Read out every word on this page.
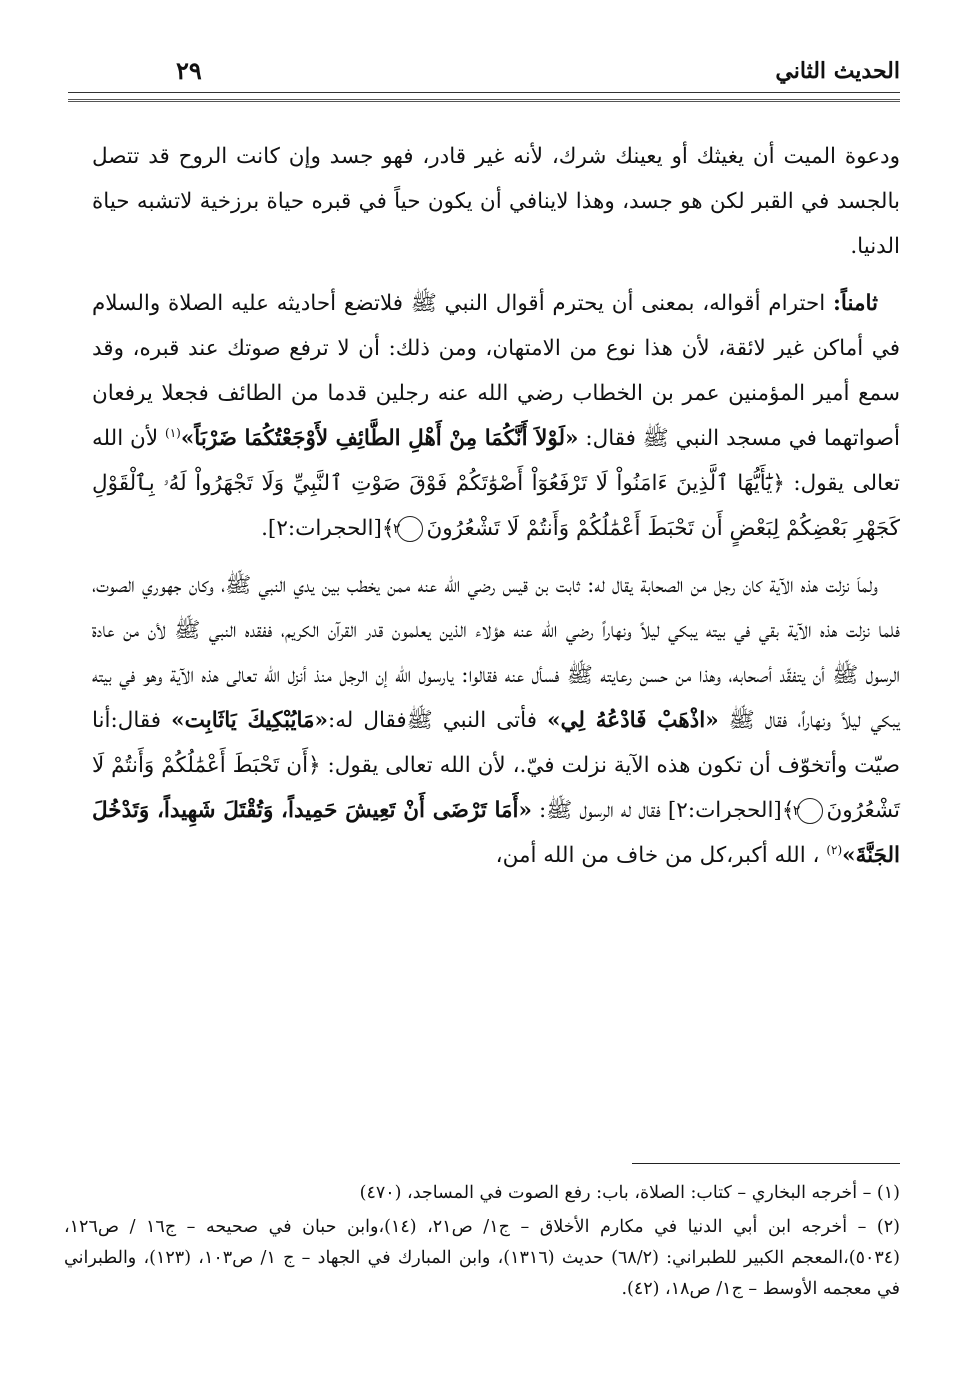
الحديث الثاني
٢٩

ودعوة الميت أن يغيثك أو يعينك شرك، لأنه غير قادر، فهو جسد وإن كانت الروح قد تتصل بالجسد في القبر لكن هو جسد، وهذا لاينافي أن يكون حياً في قبره حياة برزخية لاتشبه حياة الدنيا.

ثامناً: احترام أقواله، بمعنى أن يحترم أقوال النبي ﷺ فلاتضع أحاديثه عليه الصلاة والسلام في أماكن غير لائقة، لأن هذا نوع من الامتهان، ومن ذلك: أن لا ترفع صوتك عند قبره، وقد سمع أمير المؤمنين عمر بن الخطاب رضي الله عنه رجلين قدما من الطائف فجعلا يرفعان أصواتهما في مسجد النبي ﷺ فقال: «لَوْلاَ أَنَّكُمَا مِنْ أَهْلِ الطَّائِفِ لأَوْجَعْتُكُمَا ضَرْبَاً»$^{(١)}$ لأن الله تعالى يقول: ﴿يَٰٓأَيُّهَا ٱلَّذِينَ ءَامَنُواْ لَا تَرْفَعُوٓاْ أَصْوَٰتَكُمْ فَوْقَ صَوْتِ ٱلنَّبِيِّ وَلَا تَجْهَرُواْ لَهُۥ بِٱلْقَوْلِ كَجَهْرِ بَعْضِكُمْ لِبَعْضٍ أَن تَحْبَطَ أَعْمَٰلُكُمْ وَأَنتُمْ لَا تَشْعُرُونَ٢﴾[الحجرات:٢].

ولماَ نزلت هذه الآية كان رجل من الصحابة يقال له: ثابت بن قيس رضي الله عنه ممن يخطب بين يدي النبي ﷺ، وكان جهوري الصوت، فلما نزلت هذه الآية بقي في بيته يبكي ليلاً ونهاراً رضي الله عنه هؤلاء الذين يعلمون قدر القرآن الكريم، ففقده النبي ﷺ لأن من عادة الرسول ﷺ أن يتفقّد أصحابه، وهذا من حسن رعايته ﷺ فسأل عنه فقالوا: يارسول الله إن الرجل منذ أنزل الله تعالى هذه الآية وهو في بيته يبكي ليلاً ونهاراً، فقال ﷺ «اذْهَبْ فَادْعُهُ لِي» فأتى النبي ﷺفقال له:«مَايُبْكِيكَ يَاثَابِت» فقال:أنا صيّت وأتخوّف أن تكون هذه الآية نزلت فيّ.، لأن الله تعالى يقول: ﴿أَن تَحْبَطَ أَعْمَٰلُكُمْ وَأَنتُمْ لَا تَشْعُرُونَ٢﴾[الحجرات:٢] فقال له الرسول ﷺ: «أَمَا تَرْضَى أَنْ تَعِيشَ حَمِيداً، وَتُقْتَلَ شَهِيداً، وَتَدْخُلَ الجَنَّةَ»$^{(٢)}$ ، الله أكبر،كل من خاف من الله أمن،

(١) – أخرجه البخاري – كتاب: الصلاة، باب: رفع الصوت في المساجد، (٤٧٠)

(٢) – أخرجه ابن أبي الدنيا في مكارم الأخلاق – ج١/ ص٢١، (١٤)،وابن حبان في صحيحه – ج١٦ / ص١٢٦، (٥٠٣٤)،المعجم الكبير للطبراني: (٦٨/٢) حديث (١٣١٦)، وابن المبارك في الجهاد – ج ١/ ص١٠٣، (١٢٣)، والطبراني في معجمه الأوسط – ج١/ ص١٨، (٤٢).
